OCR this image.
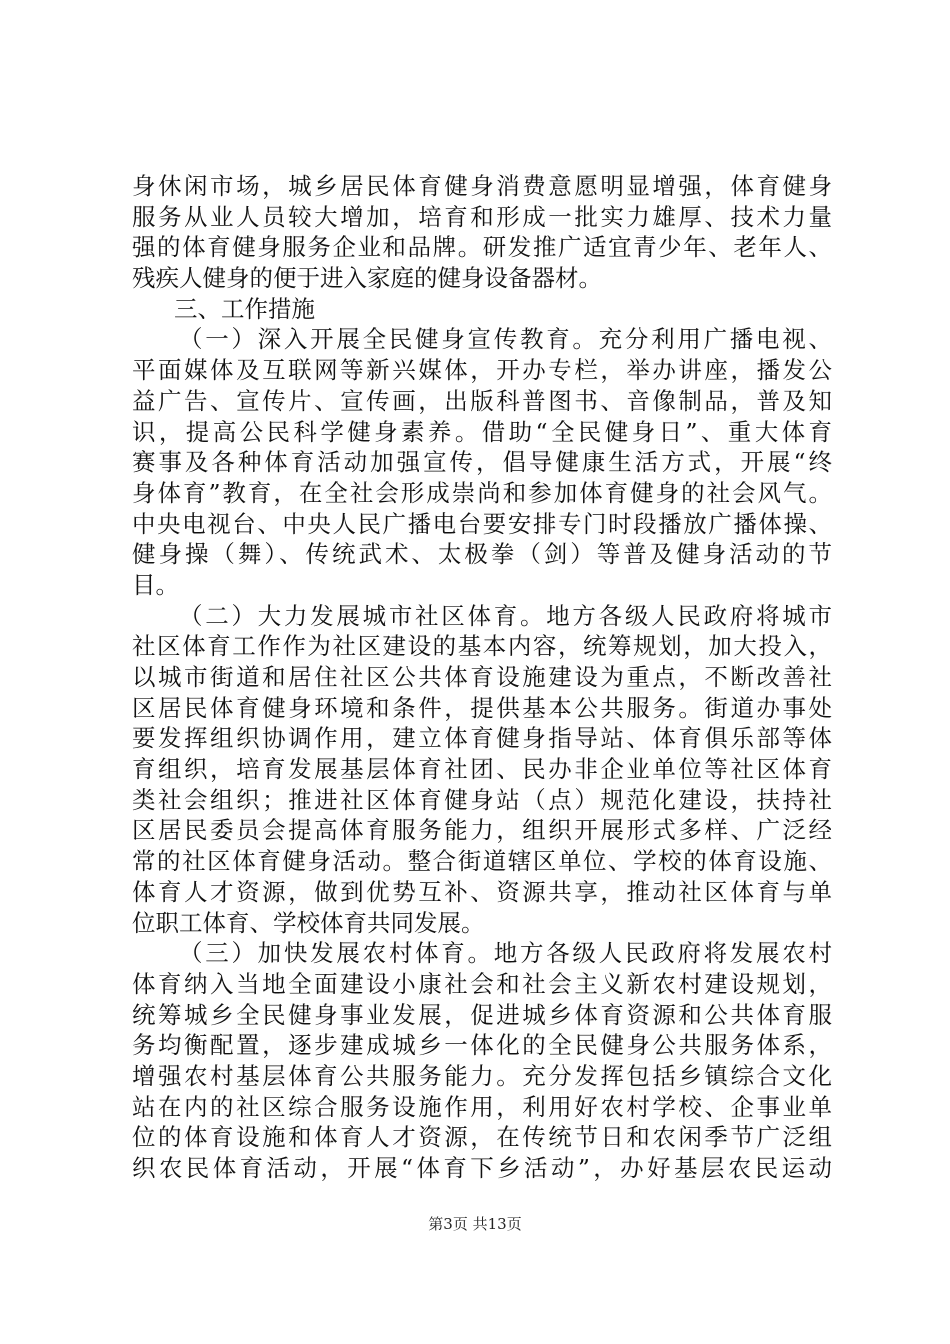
身休闲市场，城乡居民体育健身消费意愿明显增强，体育健身
服务从业人员较大增加，培育和形成一批实力雄厚、技术力量
强的体育健身服务企业和品牌。研发推广适宜青少年、老年人、
残疾人健身的便于进入家庭的健身设备器材。
三、工作措施
（一）深入开展全民健身宣传教育。充分利用广播电视、
平面媒体及互联网等新兴媒体，开办专栏，举办讲座，播发公
益广告、宣传片、宣传画，出版科普图书、音像制品，普及知
识，提高公民科学健身素养。借助“全民健身日”、重大体育
赛事及各种体育活动加强宣传，倡导健康生活方式，开展“终
身体育”教育，在全社会形成崇尚和参加体育健身的社会风气。
中央电视台、中央人民广播电台要安排专门时段播放广播体操、
健身操（舞）、传统武术、太极拳（剑）等普及健身活动的节
目。
（二）大力发展城市社区体育。地方各级人民政府将城市
社区体育工作作为社区建设的基本内容，统筹规划，加大投入，
以城市街道和居住社区公共体育设施建设为重点，不断改善社
区居民体育健身环境和条件，提供基本公共服务。街道办事处
要发挥组织协调作用，建立体育健身指导站、体育俱乐部等体
育组织，培育发展基层体育社团、民办非企业单位等社区体育
类社会组织；推进社区体育健身站（点）规范化建设，扶持社
区居民委员会提高体育服务能力，组织开展形式多样、广泛经
常的社区体育健身活动。整合街道辖区单位、学校的体育设施、
体育人才资源，做到优势互补、资源共享，推动社区体育与单
位职工体育、学校体育共同发展。
（三）加快发展农村体育。地方各级人民政府将发展农村
体育纳入当地全面建设小康社会和社会主义新农村建设规划，
统筹城乡全民健身事业发展，促进城乡体育资源和公共体育服
务均衡配置，逐步建成城乡一体化的全民健身公共服务体系，
增强农村基层体育公共服务能力。充分发挥包括乡镇综合文化
站在内的社区综合服务设施作用，利用好农村学校、企事业单
位的体育设施和体育人才资源，在传统节日和农闲季节广泛组
织农民体育活动，开展“体育下乡活动”，办好基层农民运动
第3页 共13页
